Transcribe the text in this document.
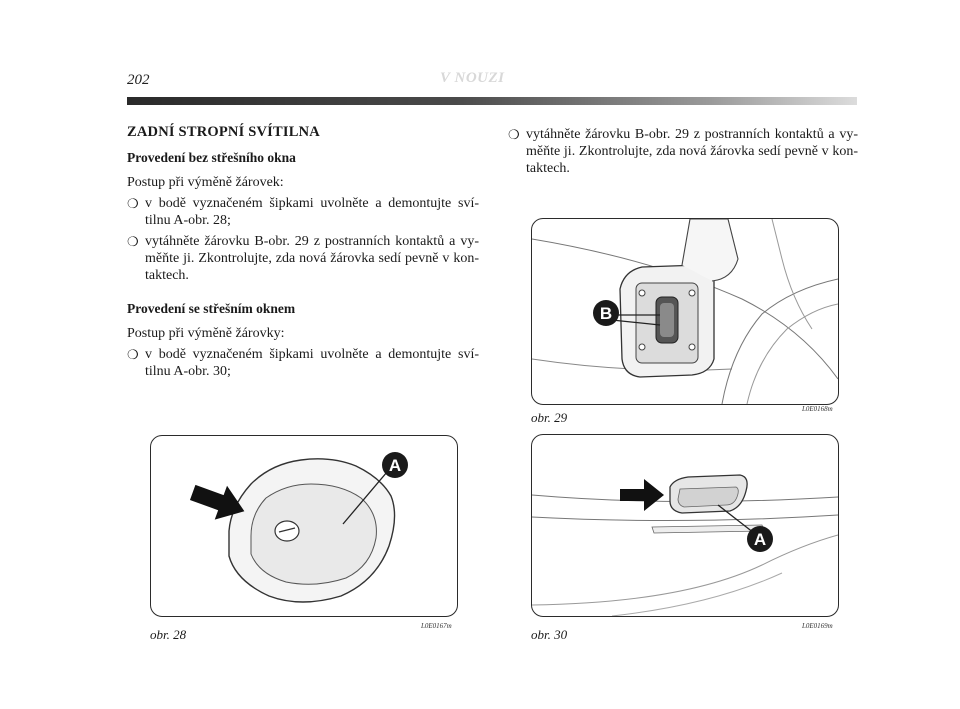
202	V NOUZI
ZADNÍ STROPNÍ SVÍTILNA
Provedení bez střešního okna
Postup při výměně žárovek:
❍ v bodě vyznačeném šipkami uvolněte a demontujte sví-tilnu A-obr. 28;
❍ vytáhněte žárovku B-obr. 29 z postranních kontaktů a vy-měňte ji. Zkontrolujte, zda nová žárovka sedí pevně v kon-taktech.
Provedení se střešním oknem
Postup při výměně žárovky:
❍ v bodě vyznačeném šipkami uvolněte a demontujte sví-tilnu A-obr. 30;
❍ vytáhněte žárovku B-obr. 29 z postranních kontaktů a vy-měňte ji. Zkontrolujte, zda nová žárovka sedí pevně v kon-taktech.
A
obr. 28
L0E0167m
B
obr. 29
L0E0168m
A
obr. 30
L0E0169m
